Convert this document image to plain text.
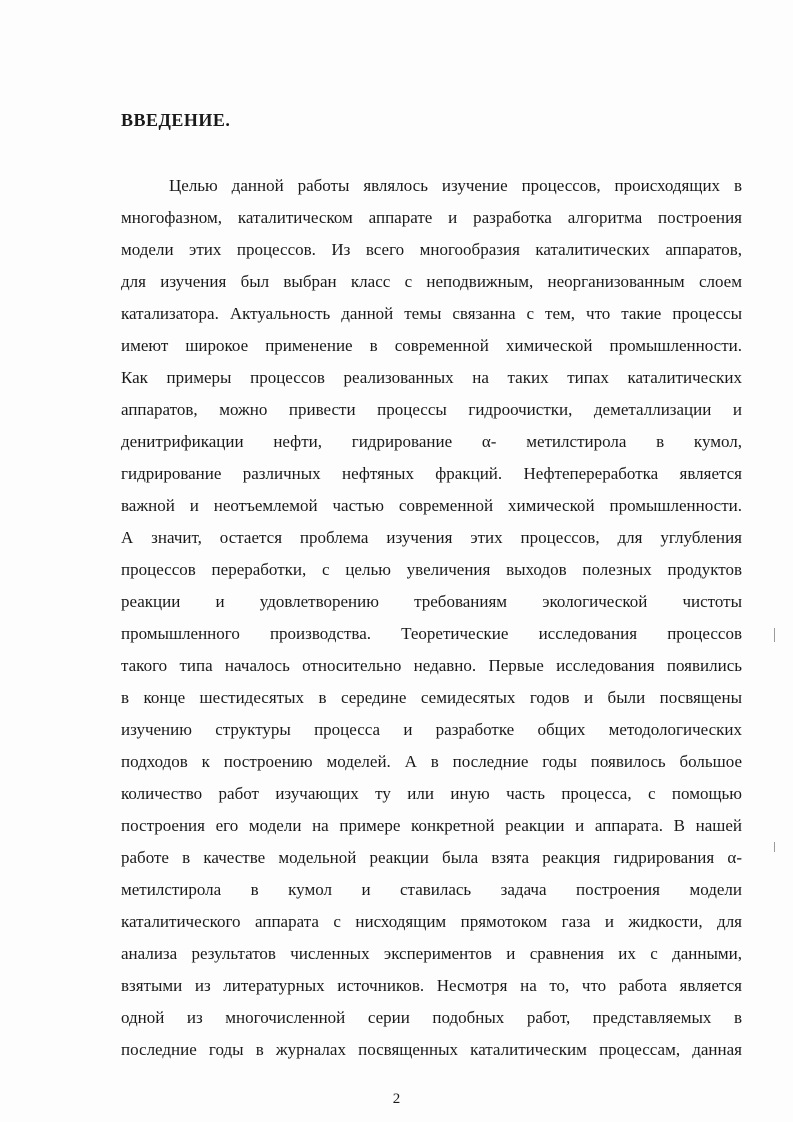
ВВЕДЕНИЕ.
Целью данной работы являлось изучение процессов, происходящих в
многофазном, каталитическом аппарате и разработка алгоритма построения
модели этих процессов. Из всего многообразия каталитических аппаратов,
для изучения был выбран класс с неподвижным, неорганизованным слоем
катализатора. Актуальность данной темы связанна с тем, что такие процессы
имеют широкое применение в современной химической промышленности.
Как примеры процессов реализованных на таких типах каталитических
аппаратов, можно привести процессы гидроочистки, деметаллизации и
денитрификации нефти, гидрирование α- метилстирола в кумол,
гидрирование различных нефтяных фракций. Нефтепереработка является
важной и неотъемлемой частью современной химической промышленности.
А значит, остается проблема изучения этих процессов, для углубления
процессов переработки, с целью увеличения выходов полезных продуктов
реакции и удовлетворению требованиям экологической чистоты
промышленного производства. Теоретические исследования процессов
такого типа началось относительно недавно. Первые исследования появились
в конце шестидесятых в середине семидесятых годов и были посвящены
изучению структуры процесса и разработке общих методологических
подходов к построению моделей. А в последние годы появилось большое
количество работ изучающих ту или иную часть процесса, с помощью
построения его модели на примере конкретной реакции и аппарата. В нашей
работе в качестве модельной реакции была взята реакция гидрирования α-
метилстирола в кумол и ставилась задача построения модели
каталитического аппарата с нисходящим прямотоком газа и жидкости, для
анализа результатов численных экспериментов и сравнения их с данными,
взятыми из литературных источников. Несмотря на то, что работа является
одной из многочисленной серии подобных работ, представляемых в
последние годы в журналах посвященных каталитическим процессам, данная
2
